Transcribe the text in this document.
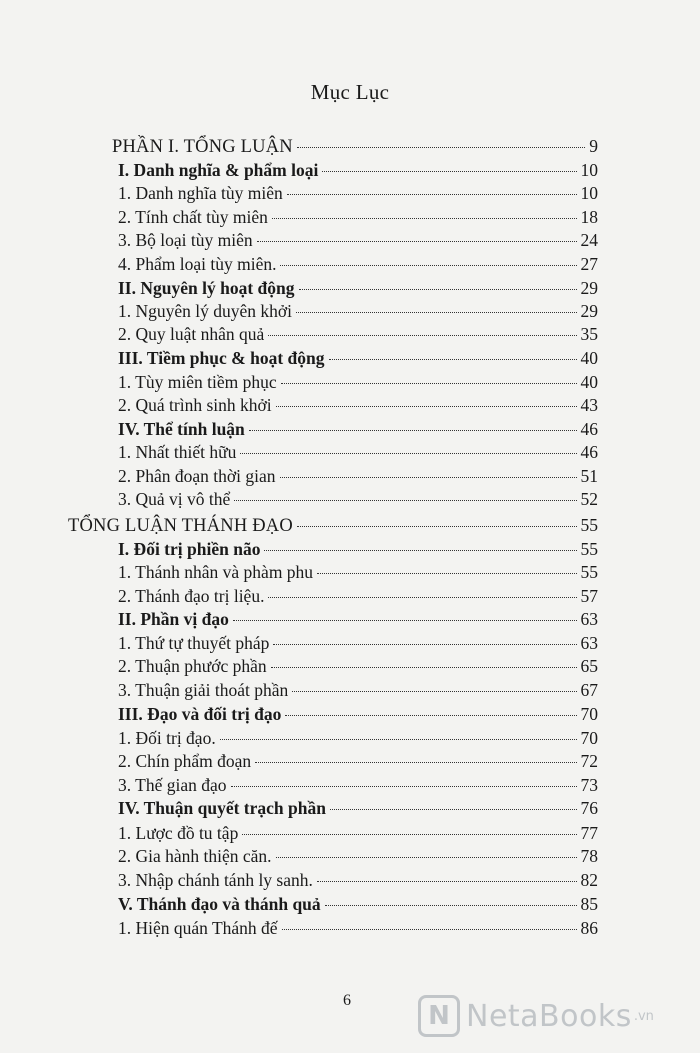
Mục Lục
PHẦN I. TỔNG LUẬN	9
I. Danh nghĩa & phẩm loại	10
1. Danh nghĩa tùy miên	10
2. Tính chất tùy miên	18
3. Bộ loại tùy miên	24
4. Phẩm loại tùy miên.	27
II. Nguyên lý hoạt động	29
1. Nguyên lý duyên khởi	29
2. Quy luật nhân quả	35
III. Tiềm phục & hoạt động	40
1. Tùy miên tiềm phục	40
2. Quá trình sinh khởi	43
IV. Thể tính luận	46
1. Nhất thiết hữu	46
2. Phân đoạn thời gian	51
3. Quả vị vô thể	52
TỔNG LUẬN THÁNH ĐẠO	55
I. Đối trị phiền não	55
1. Thánh nhân và phàm phu	55
2. Thánh đạo trị liệu.	57
II. Phần vị đạo	63
1. Thứ tự thuyết pháp	63
2. Thuận phước phần	65
3. Thuận giải thoát phần	67
III. Đạo và đối trị đạo	70
1. Đối trị đạo.	70
2. Chín phẩm đoạn	72
3. Thế gian đạo	73
IV. Thuận quyết trạch phần	76
1. Lược đồ tu tập	77
2. Gia hành thiện căn.	78
3. Nhập chánh tánh ly sanh.	82
V. Thánh đạo và thánh quả	85
1. Hiện quán Thánh đế	86
6
N NetaBooks .vn
